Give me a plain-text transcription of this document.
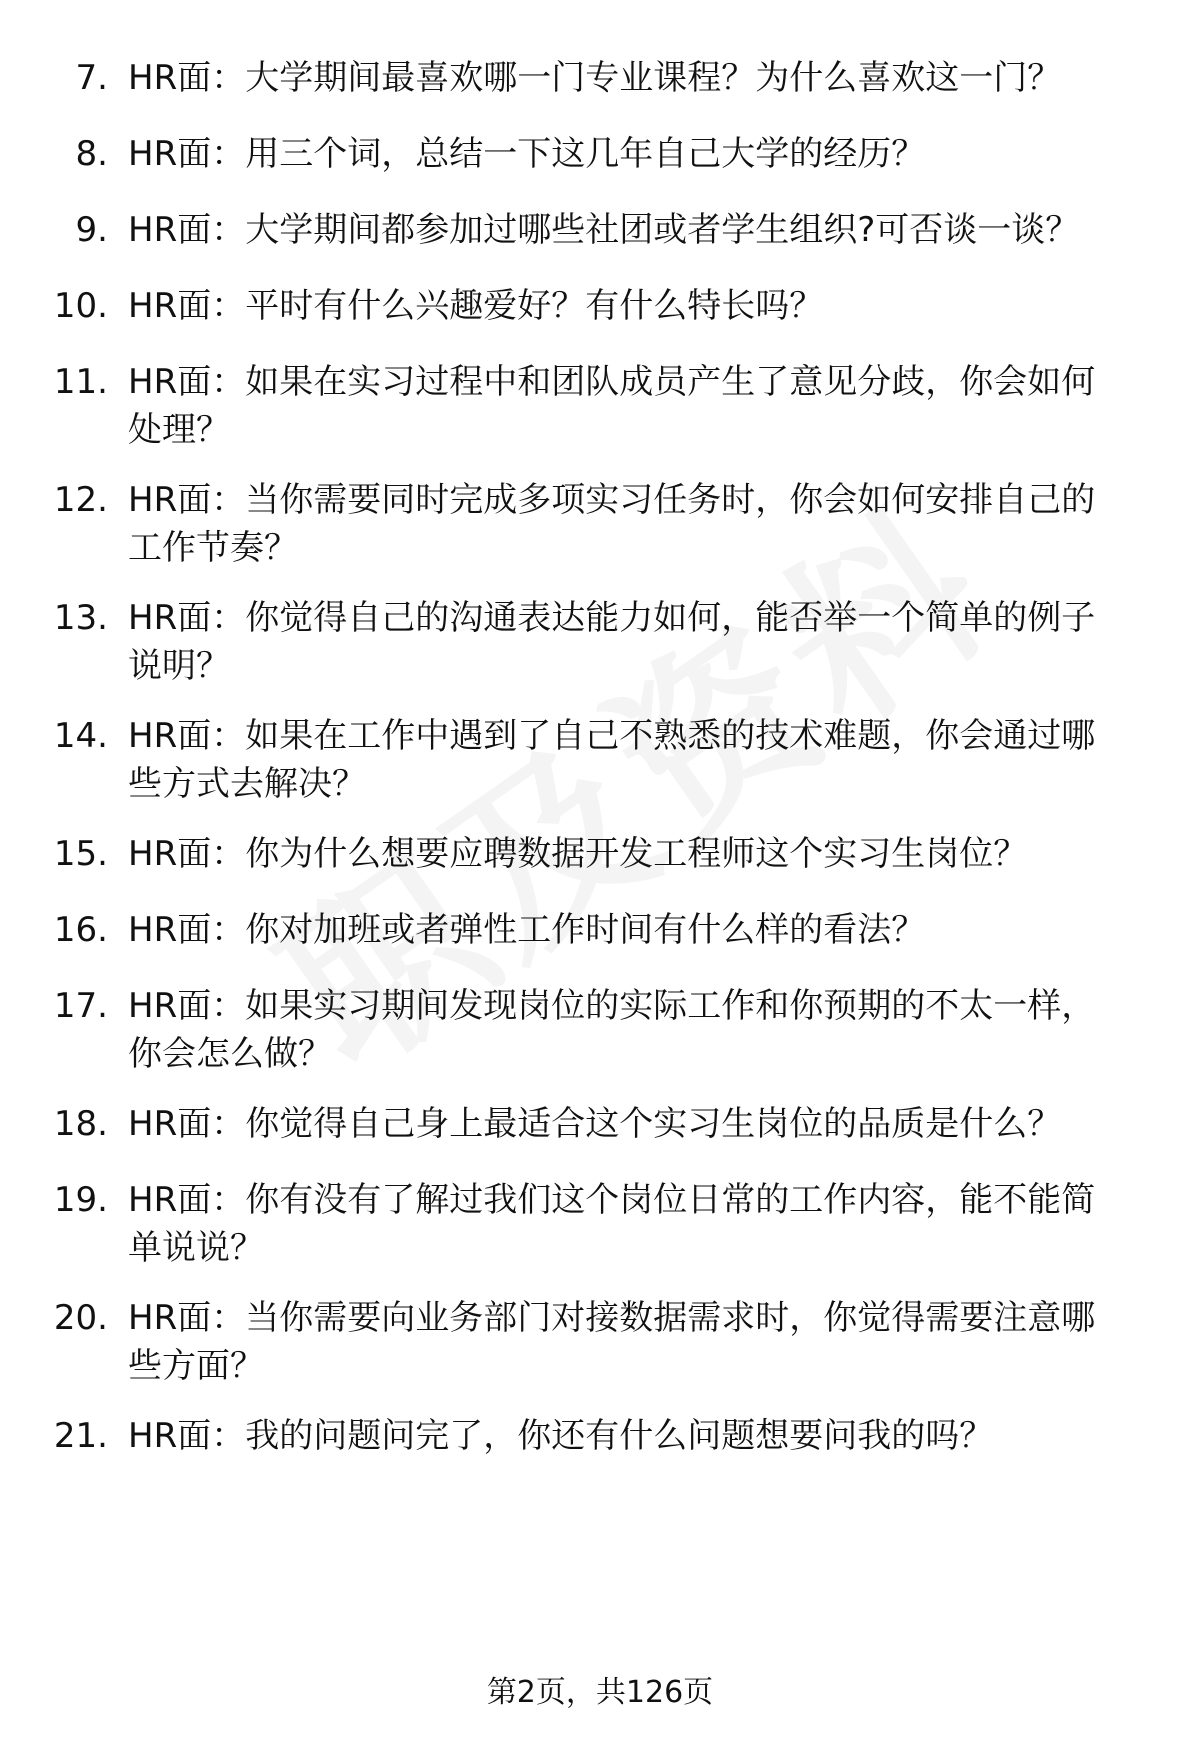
7. HR面：大学期间最喜欢哪一门专业课程？为什么喜欢这一门？
8. HR面：用三个词，总结一下这几年自己大学的经历？
9. HR面：大学期间都参加过哪些社团或者学生组织?可否谈一谈？
10. HR面：平时有什么兴趣爱好？有什么特长吗？
11. HR面：如果在实习过程中和团队成员产生了意见分歧，你会如何
处理？
12. HR面：当你需要同时完成多项实习任务时，你会如何安排自己的
工作节奏？
13. HR面：你觉得自己的沟通表达能力如何，能否举一个简单的例子
说明？
14. HR面：如果在工作中遇到了自己不熟悉的技术难题，你会通过哪
些方式去解决？
15. HR面：你为什么想要应聘数据开发工程师这个实习生岗位？
16. HR面：你对加班或者弹性工作时间有什么样的看法？
17. HR面：如果实习期间发现岗位的实际工作和你预期的不太一样，
你会怎么做？
18. HR面：你觉得自己身上最适合这个实习生岗位的品质是什么？
19. HR面：你有没有了解过我们这个岗位日常的工作内容，能不能简
单说说？
20. HR面：当你需要向业务部门对接数据需求时，你觉得需要注意哪
些方面？
21. HR面：我的问题问完了，你还有什么问题想要问我的吗？
第2页，共126页
